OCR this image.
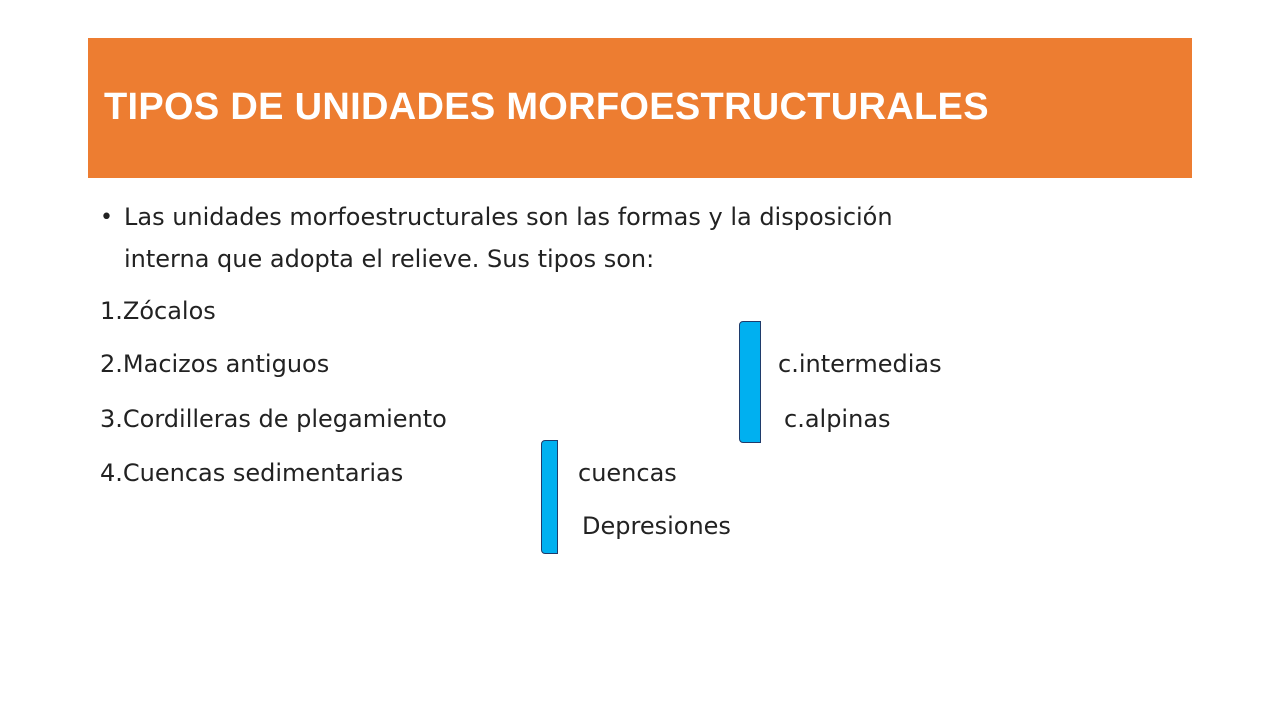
TIPOS DE UNIDADES MORFOESTRUCTURALES
• Las unidades morfoestructurales son las formas y la disposición
interna que adopta el relieve. Sus tipos son:
1.Zócalos
2.Macizos antiguos
3.Cordilleras de plegamiento
4.Cuencas sedimentarias
c.intermedias
c.alpinas
cuencas
Depresiones
